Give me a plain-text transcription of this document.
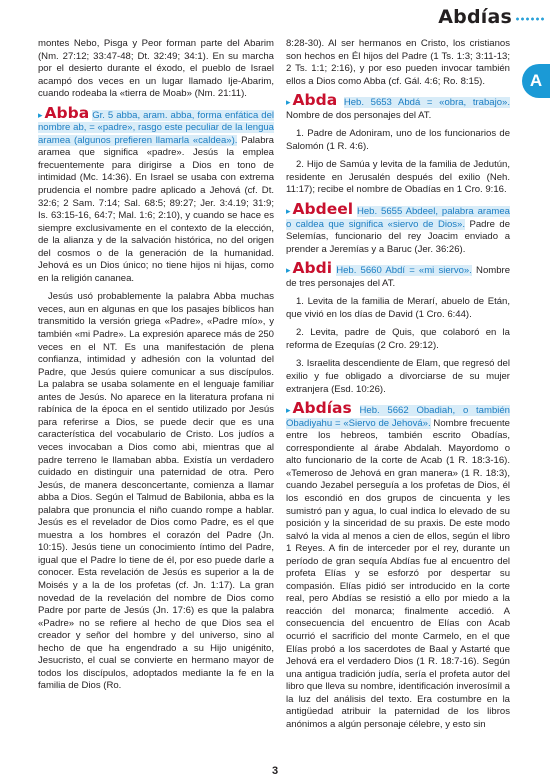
Abdías
A

montes Nebo, Pisga y Peor forman parte del Abarim (Nm. 27:12; 33:47-48; Dt. 32:49; 34:1). En su marcha por el desierto durante el éxodo, el pueblo de Israel acampó dos veces en un lugar llamado Ije-Abarim, cuando rodeaba la «tierra de Moab» (Nm. 21:11).

▸ Abba Gr. 5 abba, aram. abba, forma enfática del nombre ab, = «padre», rasgo este peculiar de la lengua aramea (algunos prefieren llamarla «caldea»). Palabra aramea que significa «padre». Jesús la emplea frecuentemente para dirigirse a Dios en tono de intimidad (Mc. 14:36). En Israel se usaba con extrema prudencia el nombre padre aplicado a Jehová (cf. Dt. 32:6; 2 Sam. 7:14; Sal. 68:5; 89:27; Jer. 3:4.19; 31:9; Is. 63:15-16, 64:7; Mal. 1:6; 2:10), y cuando se hace es siempre exclusivamente en el contexto de la elección, de la alianza y de la salvación histórica, no del origen del cosmos o de la generación de la humanidad. Jehová es un Dios único; no tiene hijos ni hijas, como en la religión cananea.

Jesús usó probablemente la palabra Abba muchas veces, aun en algunas en que los pasajes bíblicos han transmitido la versión griega «Padre», «Padre mío», y también «mi Padre». La expresión aparece más de 250 veces en el NT. Es una manifestación de plena confianza, intimidad y adhesión con la voluntad del Padre, que Jesús quiere comunicar a sus discípulos. La palabra se usaba solamente en el lenguaje familiar antes de Jesús. No aparece en la literatura profana ni rabínica de la época en el sentido utilizado por Jesús para referirse a Dios, se puede decir que es una característica del vocabulario de Cristo. Los judíos a veces invocaban a Dios como abi, mientras que al padre terreno le llamaban abba. Existía un verdadero cuidado en distinguir una paternidad de otra. Pero Jesús, de manera desconcertante, comienza a llamar abba a Dios. Según el Talmud de Babilonia, abba es la palabra que pronuncia el niño cuando rompe a hablar. Jesús es el revelador de Dios como Padre, es el que muestra a los hombres el corazón del Padre (Jn. 10:15). Jesús tiene un conocimiento íntimo del Padre, igual que el Padre lo tiene de él, por eso puede darle a conocer. Esta revelación de Jesús es superior a la de Moisés y a la de los profetas (cf. Jn. 1:17). La gran novedad de la revelación del nombre de Dios como Padre por parte de Jesús (Jn. 17:6) es que la palabra «Padre» no se refiere al hecho de que Dios sea el creador y señor del hombre y del universo, sino al hecho de que ha engendrado a su Hijo unigénito, Jesucristo, el cual se convierte en hermano mayor de todos los discípulos, adoptados mediante la fe en la familia de Dios (Ro.

8:28-30). Al ser hermanos en Cristo, los cristianos son hechos en Él hijos del Padre (1 Ts. 1:3; 3:11-13; 2 Ts. 1:1; 2:16), y por eso pueden invocar también ellos a Dios como Abba (cf. Gál. 4:6; Ro. 8:15).

▸ Abda Heb. 5653 Abdá = «obra, trabajo». Nombre de dos personajes del AT.

1. Padre de Adoniram, uno de los funcionarios de Salomón (1 R. 4:6).

2. Hijo de Samúa y levita de la familia de Jedutún, residente en Jerusalén después del exilio (Neh. 11:17); recibe el nombre de Obadías en 1 Cro. 9:16.

▸ Abdeel Heb. 5655 Abdeel, palabra aramea o caldea que significa «siervo de Dios». Padre de Selemías, funcionario del rey Joacim enviado a prender a Jeremías y a Baruc (Jer. 36:26).

▸ Abdi Heb. 5660 Abdí = «mi siervo». Nombre de tres personajes del AT.

1. Levita de la familia de Merarí, abuelo de Etán, que vivió en los días de David (1 Cro. 6:44).

2. Levita, padre de Quis, que colaboró en la reforma de Ezequías (2 Cro. 29:12).

3. Israelita descendiente de Elam, que regresó del exilio y fue obligado a divorciarse de su mujer extranjera (Esd. 10:26).

▸ Abdías Heb. 5662 Obadiah, o también Obadiyahu = «Siervo de Jehová». Nombre frecuente entre los hebreos, también escrito Obadías, correspondiente al árabe Abdalah. Mayordomo o alto funcionario de la corte de Acab (1 R. 18:3-16). «Temeroso de Jehová en gran manera» (1 R. 18:3), cuando Jezabel perseguía a los profetas de Dios, él los escondió en dos grupos de cincuenta y les sumistró pan y agua, lo cual indica lo elevado de su posición y la sinceridad de su praxis. De este modo salvó la vida al menos a cien de ellos, según el libro 1 Reyes. A fin de interceder por el rey, durante un período de gran sequía Abdías fue al encuentro del profeta Elías y se esforzó por despertar su compasión. Elías pidió ser introducido en la corte real, pero Abdías se resistió a ello por miedo a la reacción del monarca; finalmente accedió. A consecuencia del encuentro de Elías con Acab ocurrió el sacrificio del monte Carmelo, en el que Elías probó a los sacerdotes de Baal y Astarté que Jehová era el verdadero Dios (1 R. 18:7-16). Según una antigua tradición judía, sería el profeta autor del libro que lleva su nombre, identificación inverosímil a la luz del análisis del texto. Era costumbre en la antigüedad atribuir la paternidad de los libros anónimos a algún personaje célebre, y esto sin

3
